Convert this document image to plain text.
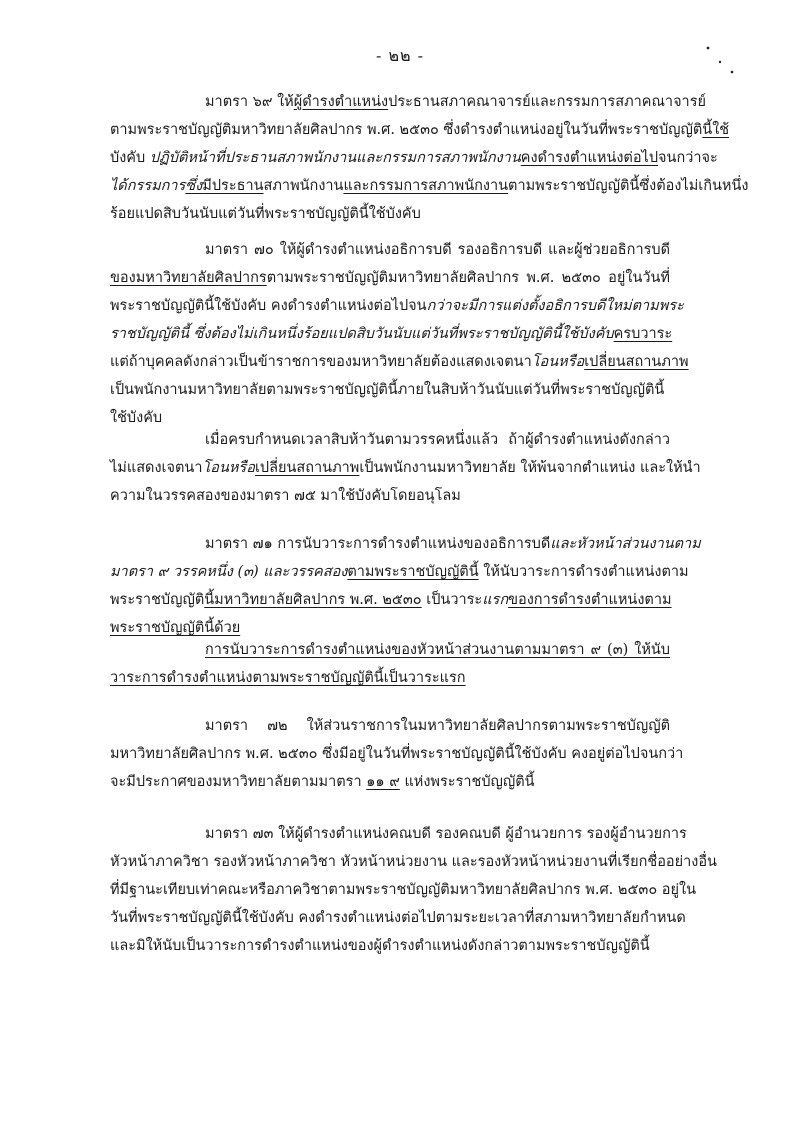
- ๒๒ -
มาตรา ๖๙ ให้ผู้ดำรงตำแหน่งประธานสภาคณาจารย์และกรรมการสภาคณาจารย์
ตามพระราชบัญญัติมหาวิทยาลัยศิลปากร พ.ศ. ๒๕๓๐ ซึ่งดำรงตำแหน่งอยู่ในวันที่พระราชบัญญัตินี้ใช้
บังคับ ปฏิบัติหน้าที่ประธานสภาพนักงานและกรรมการสภาพนักงานคงดำรงตำแหน่งต่อไปจนกว่าจะ
ได้กรรมการซึ่งมีประธานสภาพนักงานและกรรมการสภาพนักงานตามพระราชบัญญัตินี้ซึ่งต้องไม่เกินหนึ่ง
ร้อยแปดสิบวันนับแต่วันที่พระราชบัญญัตินี้ใช้บังคับ
มาตรา ๗๐ ให้ผู้ดำรงตำแหน่งอธิการบดี รองอธิการบดี และผู้ช่วยอธิการบดี
ของมหาวิทยาลัยศิลปากรตามพระราชบัญญัติมหาวิทยาลัยศิลปากร พ.ศ. ๒๕๓๐ อยู่ในวันที่
พระราชบัญญัตินี้ใช้บังคับ คงดำรงตำแหน่งต่อไปจนกว่าจะมีการแต่งตั้งอธิการบดีใหม่ตามพระ
ราชบัญญัตินี้ ซึ่งต้องไม่เกินหนึ่งร้อยแปดสิบวันนับแต่วันที่พระราชบัญญัตินี้ใช้บังคับครบวาระ
แต่ถ้าบุคคลดังกล่าวเป็นข้าราชการของมหาวิทยาลัยต้องแสดงเจตนาโอนหรือเปลี่ยนสถานภาพ
เป็นพนักงานมหาวิทยาลัยตามพระราชบัญญัตินี้ภายในสิบห้าวันนับแต่วันที่พระราชบัญญัตินี้
ใช้บังคับ
เมื่อครบกำหนดเวลาสิบห้าวันตามวรรคหนึ่งแล้ว ถ้าผู้ดำรงตำแหน่งดังกล่าว
ไม่แสดงเจตนาโอนหรือเปลี่ยนสถานภาพเป็นพนักงานมหาวิทยาลัย ให้พ้นจากตำแหน่ง และให้นำ
ความในวรรคสองของมาตรา ๗๕ มาใช้บังคับโดยอนุโลม
มาตรา ๗๑ การนับวาระการดำรงตำแหน่งของอธิการบดีและหัวหน้าส่วนงานตาม
มาตรา ๙ วรรคหนึ่ง (๓) และวรรคสองตามพระราชบัญญัตินี้ ให้นับวาระการดำรงตำแหน่งตาม
พระราชบัญญัตินี้มหาวิทยาลัยศิลปากร พ.ศ. ๒๕๓๐ เป็นวาระแรกของการดำรงตำแหน่งตาม
พระราชบัญญัตินี้ด้วย
การนับวาระการดำรงตำแหน่งของหัวหน้าส่วนงานตามมาตรา ๙ (๓) ให้นับ
วาระการดำรงตำแหน่งตามพระราชบัญญัตินี้เป็นวาระแรก
มาตรา ๗๒ ให้ส่วนราชการในมหาวิทยาลัยศิลปากรตามพระราชบัญญัติ
มหาวิทยาลัยศิลปากร พ.ศ. ๒๕๓๐ ซึ่งมีอยู่ในวันที่พระราชบัญญัตินี้ใช้บังคับ คงอยู่ต่อไปจนกว่า
จะมีประกาศของมหาวิทยาลัยตามมาตรา ๑๑ ๙ แห่งพระราชบัญญัตินี้
มาตรา ๗๓ ให้ผู้ดำรงตำแหน่งคณบดี รองคณบดี ผู้อำนวยการ รองผู้อำนวยการ
หัวหน้าภาควิชา รองหัวหน้าภาควิชา หัวหน้าหน่วยงาน และรองหัวหน้าหน่วยงานที่เรียกชื่ออย่างอื่น
ที่มีฐานะเทียบเท่าคณะหรือภาควิชาตามพระราชบัญญัติมหาวิทยาลัยศิลปากร พ.ศ. ๒๕๓๐ อยู่ใน
วันที่พระราชบัญญัตินี้ใช้บังคับ คงดำรงตำแหน่งต่อไปตามระยะเวลาที่สภามหาวิทยาลัยกำหนด
และมิให้นับเป็นวาระการดำรงตำแหน่งของผู้ดำรงตำแหน่งดังกล่าวตามพระราชบัญญัตินี้
